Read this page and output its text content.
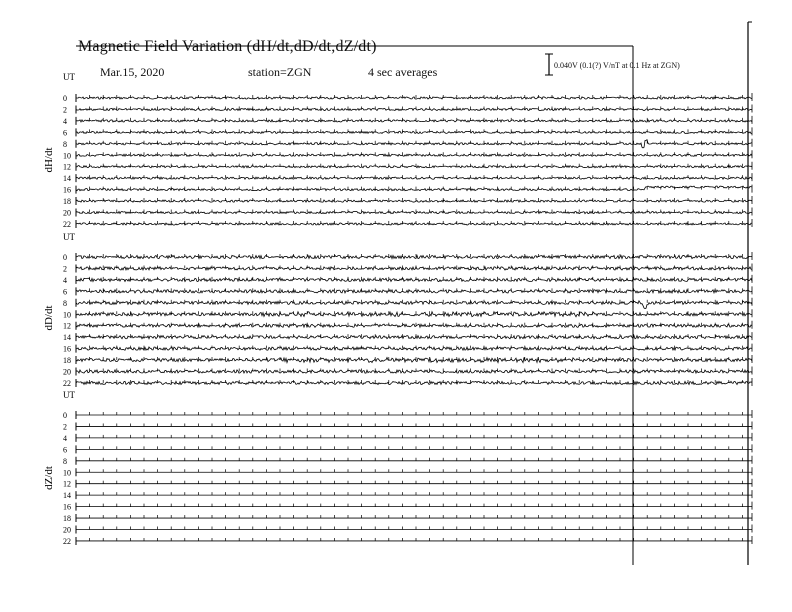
Magnetic Field Variation (dH/dt,dD/dt,dZ/dt)
Mar.15, 2020	station=ZGN	4 sec averages	0.040V (0.1(?) V/nT at 0.1 Hz at ZGN)
UT
dH/dt
0
2
4
6
8
10
12
14
16
18
20
22
UT
dD/dt
0
2
4
6
8
10
12
14
16
18
20
22
UT
dZ/dt
0
2
4
6
8
10
12
14
16
18
20
22
